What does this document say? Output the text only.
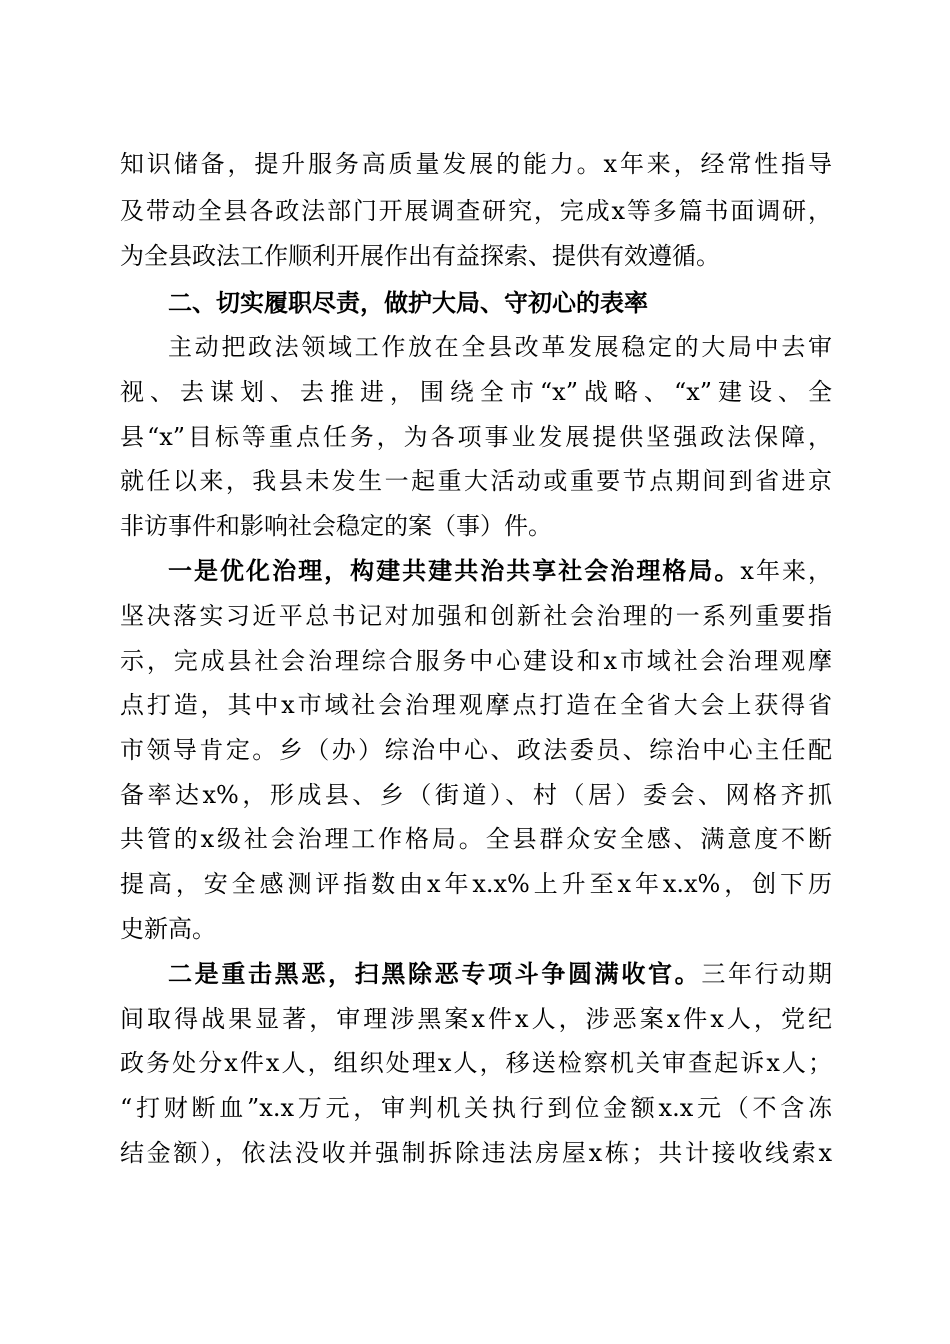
知识储备，提升服务高质量发展的能力。x年来，经常性指导
及带动全县各政法部门开展调查研究，完成x等多篇书面调研，
为全县政法工作顺利开展作出有益探索、提供有效遵循。
二、切实履职尽责，做护大局、守初心的表率
主动把政法领域工作放在全县改革发展稳定的大局中去审
视、去谋划、去推进，围绕全市“x”战略、“x”建设、全
县“x”目标等重点任务，为各项事业发展提供坚强政法保障，
就任以来，我县未发生一起重大活动或重要节点期间到省进京
非访事件和影响社会稳定的案（事）件。
一是优化治理，构建共建共治共享社会治理格局。x年来，
坚决落实习近平总书记对加强和创新社会治理的一系列重要指
示，完成县社会治理综合服务中心建设和x市域社会治理观摩
点打造，其中x市域社会治理观摩点打造在全省大会上获得省
市领导肯定。乡（办）综治中心、政法委员、综治中心主任配
备率达x%，形成县、乡（街道）、村（居）委会、网格齐抓
共管的x级社会治理工作格局。全县群众安全感、满意度不断
提高，安全感测评指数由x年x.x%上升至x年x.x%，创下历
史新高。
二是重击黑恶，扫黑除恶专项斗争圆满收官。三年行动期
间取得战果显著，审理涉黑案x件x人，涉恶案x件x人，党纪
政务处分x件x人，组织处理x人，移送检察机关审查起诉x人；
“打财断血”x.x万元，审判机关执行到位金额x.x元（不含冻
结金额），依法没收并强制拆除违法房屋x栋；共计接收线索x
